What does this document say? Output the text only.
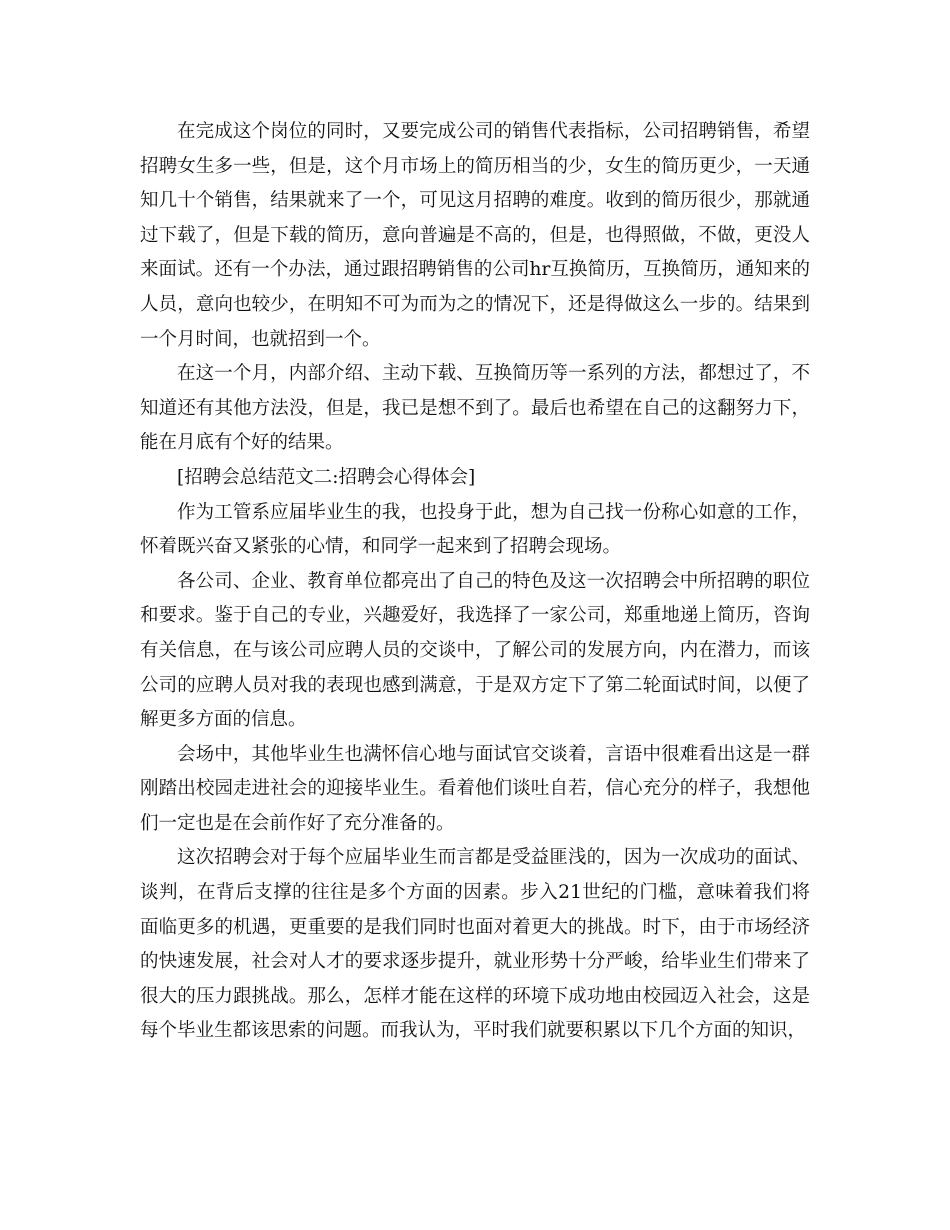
在完成这个岗位的同时，又要完成公司的销售代表指标，公司招聘销售，希望招聘女生多一些，但是，这个月市场上的简历相当的少，女生的简历更少，一天通知几十个销售，结果就来了一个，可见这月招聘的难度。收到的简历很少，那就通过下载了，但是下载的简历，意向普遍是不高的，但是，也得照做，不做，更没人来面试。还有一个办法，通过跟招聘销售的公司hr互换简历，互换简历，通知来的人员，意向也较少，在明知不可为而为之的情况下，还是得做这么一步的。结果到一个月时间，也就招到一个。

在这一个月，内部介绍、主动下载、互换简历等一系列的方法，都想过了，不知道还有其他方法没，但是，我已是想不到了。最后也希望在自己的这翻努力下，能在月底有个好的结果。

[招聘会总结范文二:招聘会心得体会]

作为工管系应届毕业生的我，也投身于此，想为自己找一份称心如意的工作，怀着既兴奋又紧张的心情，和同学一起来到了招聘会现场。

各公司、企业、教育单位都亮出了自己的特色及这一次招聘会中所招聘的职位和要求。鉴于自己的专业，兴趣爱好，我选择了一家公司，郑重地递上简历，咨询有关信息，在与该公司应聘人员的交谈中，了解公司的发展方向，内在潜力，而该公司的应聘人员对我的表现也感到满意，于是双方定下了第二轮面试时间，以便了解更多方面的信息。

会场中，其他毕业生也满怀信心地与面试官交谈着，言语中很难看出这是一群刚踏出校园走进社会的迎接毕业生。看着他们谈吐自若，信心充分的样子，我想他们一定也是在会前作好了充分准备的。

这次招聘会对于每个应届毕业生而言都是受益匪浅的，因为一次成功的面试、谈判，在背后支撑的往往是多个方面的因素。步入21世纪的门槛，意味着我们将面临更多的机遇，更重要的是我们同时也面对着更大的挑战。时下，由于市场经济的快速发展，社会对人才的要求逐步提升，就业形势十分严峻，给毕业生们带来了很大的压力跟挑战。那么，怎样才能在这样的环境下成功地由校园迈入社会，这是每个毕业生都该思索的问题。而我认为，平时我们就要积累以下几个方面的知识，
